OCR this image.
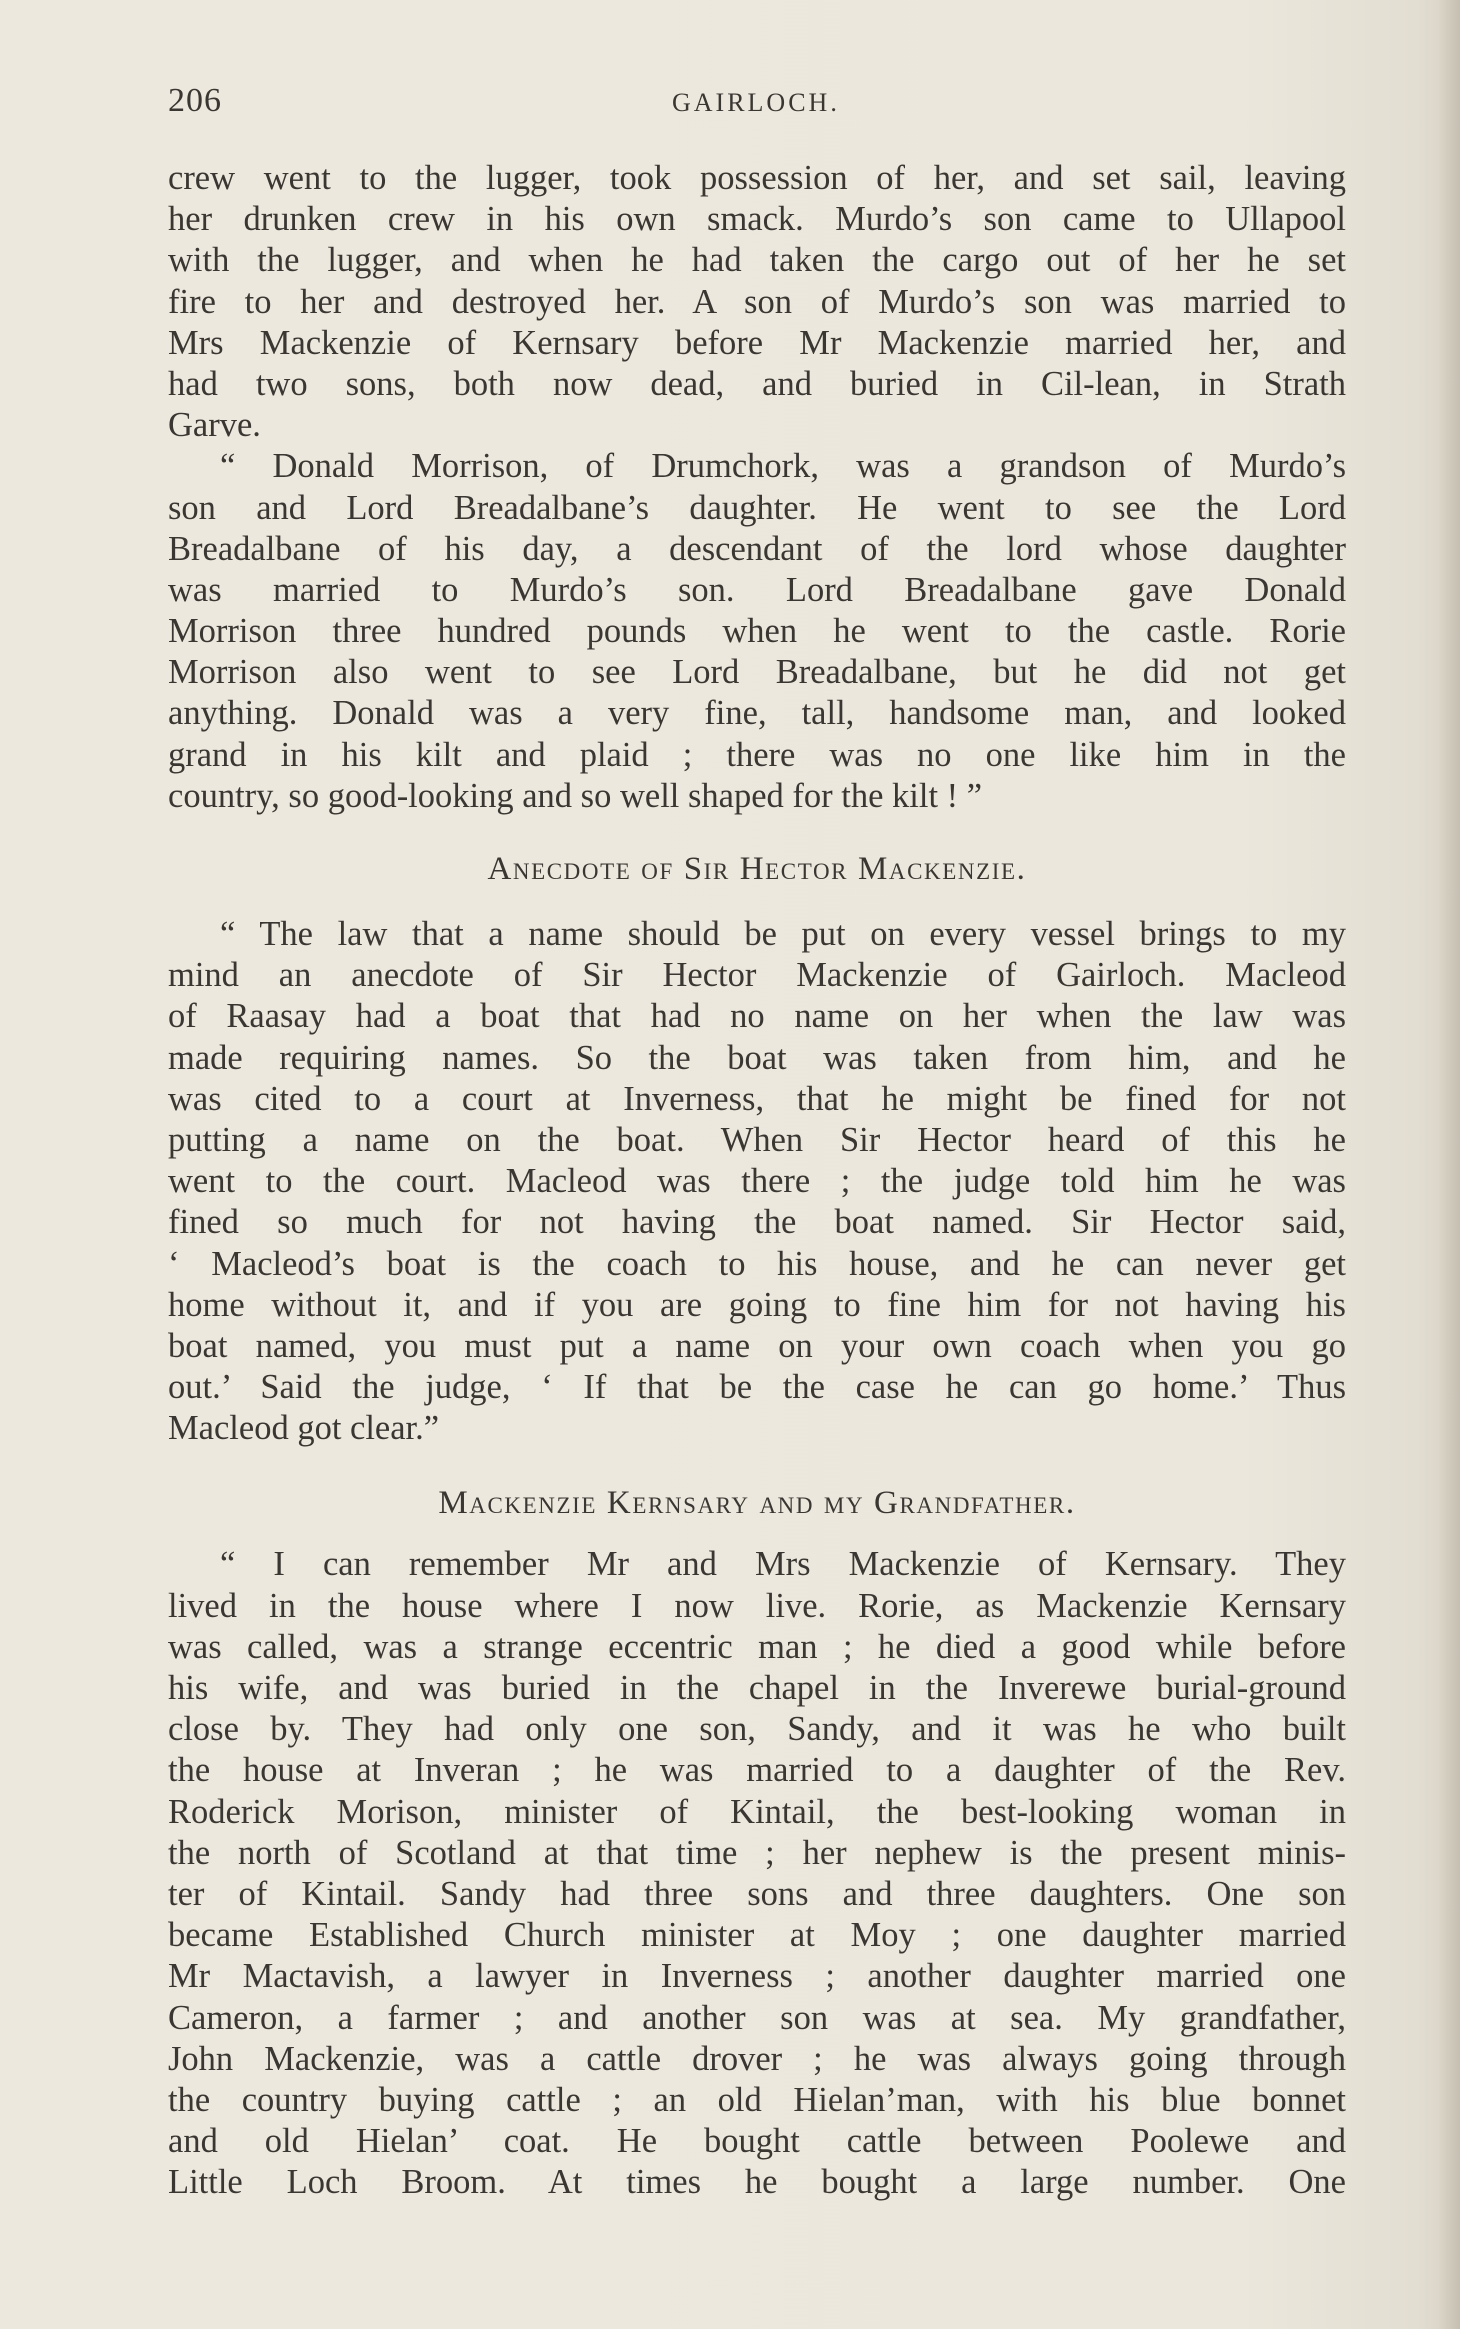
206	GAIRLOCH.
crew went to the lugger, took possession of her, and set sail, leaving
her drunken crew in his own smack. Murdo’s son came to Ullapool
with the lugger, and when he had taken the cargo out of her he set
fire to her and destroyed her. A son of Murdo’s son was married to
Mrs Mackenzie of Kernsary before Mr Mackenzie married her, and
had two sons, both now dead, and buried in Cil-lean, in Strath
Garve.
“ Donald Morrison, of Drumchork, was a grandson of Murdo’s
son and Lord Breadalbane’s daughter. He went to see the Lord
Breadalbane of his day, a descendant of the lord whose daughter
was married to Murdo’s son. Lord Breadalbane gave Donald
Morrison three hundred pounds when he went to the castle. Rorie
Morrison also went to see Lord Breadalbane, but he did not get
anything. Donald was a very fine, tall, handsome man, and looked
grand in his kilt and plaid ; there was no one like him in the
country, so good-looking and so well shaped for the kilt ! ”
Anecdote of Sir Hector Mackenzie.
“ The law that a name should be put on every vessel brings to my
mind an anecdote of Sir Hector Mackenzie of Gairloch. Macleod
of Raasay had a boat that had no name on her when the law was
made requiring names. So the boat was taken from him, and he
was cited to a court at Inverness, that he might be fined for not
putting a name on the boat. When Sir Hector heard of this he
went to the court. Macleod was there ; the judge told him he was
fined so much for not having the boat named. Sir Hector said,
‘ Macleod’s boat is the coach to his house, and he can never get
home without it, and if you are going to fine him for not having his
boat named, you must put a name on your own coach when you go
out.’ Said the judge, ‘ If that be the case he can go home.’ Thus
Macleod got clear.”
Mackenzie Kernsary and my Grandfather.
“ I can remember Mr and Mrs Mackenzie of Kernsary. They
lived in the house where I now live. Rorie, as Mackenzie Kernsary
was called, was a strange eccentric man ; he died a good while before
his wife, and was buried in the chapel in the Inverewe burial-ground
close by. They had only one son, Sandy, and it was he who built
the house at Inveran ; he was married to a daughter of the Rev.
Roderick Morison, minister of Kintail, the best-looking woman in
the north of Scotland at that time ; her nephew is the present minis-
ter of Kintail. Sandy had three sons and three daughters. One son
became Established Church minister at Moy ; one daughter married
Mr Mactavish, a lawyer in Inverness ; another daughter married one
Cameron, a farmer ; and another son was at sea. My grandfather,
John Mackenzie, was a cattle drover ; he was always going through
the country buying cattle ; an old Hielan’man, with his blue bonnet
and old Hielan’ coat. He bought cattle between Poolewe and
Little Loch Broom. At times he bought a large number. One
